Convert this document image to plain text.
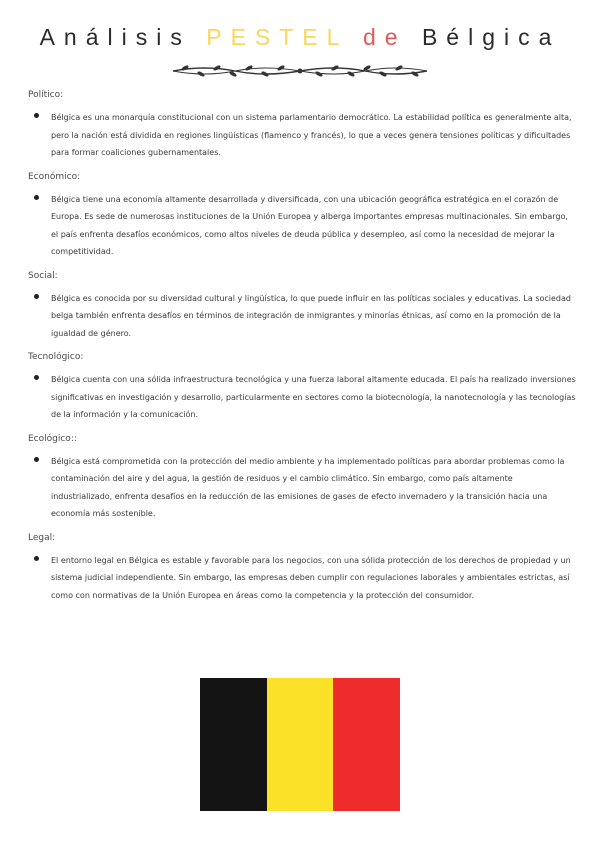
Análisis PESTEL de Bélgica
Político:
Bélgica es una monarquía constitucional con un sistema parlamentario democrático. La estabilidad política es generalmente alta, pero la nación está dividida en regiones lingüísticas (flamenco y francés), lo que a veces genera tensiones políticas y dificultades para formar coaliciones gubernamentales.
Económico:
Bélgica tiene una economía altamente desarrollada y diversificada, con una ubicación geográfica estratégica en el corazón de Europa. Es sede de numerosas instituciones de la Unión Europea y alberga importantes empresas multinacionales. Sin embargo, el país enfrenta desafíos económicos, como altos niveles de deuda pública y desempleo, así como la necesidad de mejorar la competitividad.
Social:
Bélgica es conocida por su diversidad cultural y lingüística, lo que puede influir en las políticas sociales y educativas. La sociedad belga también enfrenta desafíos en términos de integración de inmigrantes y minorías étnicas, así como en la promoción de la igualdad de género.
Tecnológico:
Bélgica cuenta con una sólida infraestructura tecnológica y una fuerza laboral altamente educada. El país ha realizado inversiones significativas en investigación y desarrollo, particularmente en sectores como la biotecnología, la nanotecnología y las tecnologías de la información y la comunicación.
Ecológico::
Bélgica está comprometida con la protección del medio ambiente y ha implementado políticas para abordar problemas como la contaminación del aire y del agua, la gestión de residuos y el cambio climático. Sin embargo, como país altamente industrializado, enfrenta desafíos en la reducción de las emisiones de gases de efecto invernadero y la transición hacia una economía más sostenible.
Legal:
El entorno legal en Bélgica es estable y favorable para los negocios, con una sólida protección de los derechos de propiedad y un sistema judicial independiente. Sin embargo, las empresas deben cumplir con regulaciones laborales y ambientales estrictas, así como con normativas de la Unión Europea en áreas como la competencia y la protección del consumidor.
